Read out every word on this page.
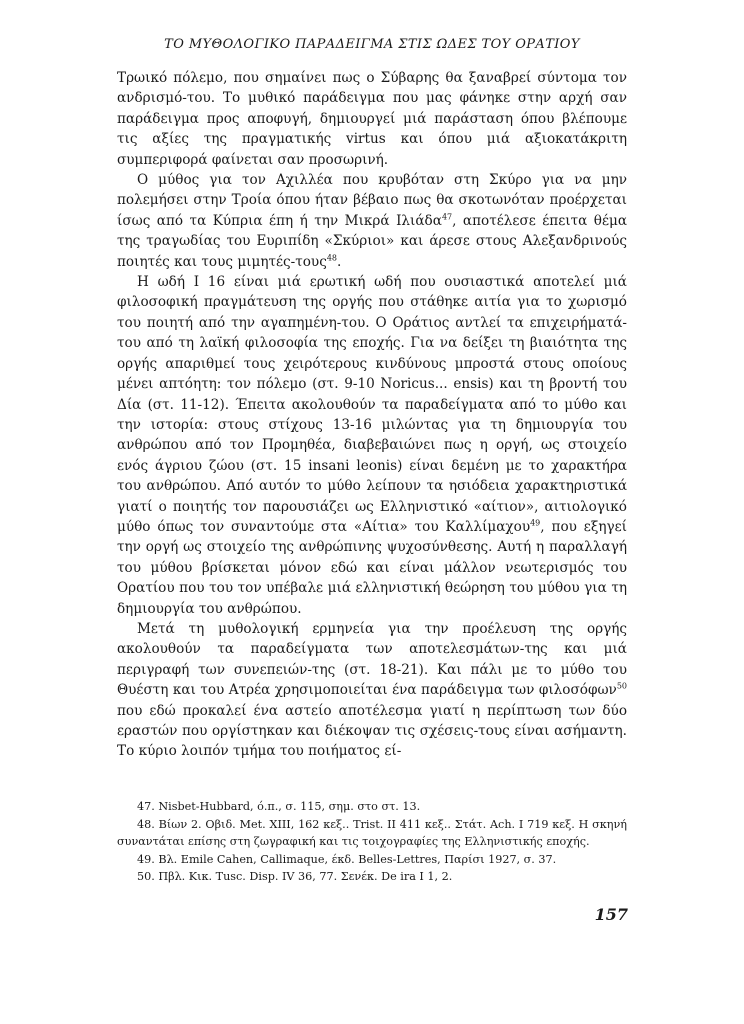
ΤΟ ΜΥΘΟΛΟΓΙΚΟ ΠΑΡΑΔΕΙΓΜΑ ΣΤΙΣ ΩΔΕΣ ΤΟΥ ΟΡΑΤΙΟΥ

Τρωικό πόλεμο, που σημαίνει πως ο Σύβαρης θα ξαναβρεί σύντομα τον ανδρισμό-του. Το μυθικό παράδειγμα που μας φάνηκε στην αρχή σαν παράδειγμα προς αποφυγή, δημιουργεί μιά παράσταση όπου βλέπουμε τις αξίες της πραγματικής virtus και όπου μιά αξιοκατάκριτη συμπεριφορά φαίνεται σαν προσωρινή.

Ο μύθος για τον Αχιλλέα που κρυβόταν στη Σκύρο για να μην πολεμήσει στην Τροία όπου ήταν βέβαιο πως θα σκοτωνόταν προέρχεται ίσως από τα Κύπρια έπη ή την Μικρά Ιλιάδα$^{47}$, αποτέλεσε έπειτα θέμα της τραγωδίας του Ευριπίδη «Σκύριοι» και άρεσε στους Αλεξανδρινούς ποιητές και τους μιμητές-τους$^{48}$.

Η ωδή I 16 είναι μιά ερωτική ωδή που ουσιαστικά αποτελεί μιά φιλοσοφική πραγμάτευση της οργής που στάθηκε αιτία για το χωρισμό του ποιητή από την αγαπημένη-του. Ο Οράτιος αντλεί τα επιχειρήματά-του από τη λαϊκή φιλοσοφία της εποχής. Για να δείξει τη βιαιότητα της οργής απαριθμεί τους χειρότερους κινδύνους μπροστά στους οποίους μένει απτόητη: τον πόλεμο (στ. 9-10 Noricus... ensis) και τη βροντή του Δία (στ. 11-12). Έπειτα ακολουθούν τα παραδείγματα από το μύθο και την ιστορία: στους στίχους 13-16 μιλώντας για τη δημιουργία του ανθρώπου από τον Προμηθέα, διαβεβαιώνει πως η οργή, ως στοιχείο ενός άγριου ζώου (στ. 15 insani leonis) είναι δεμένη με το χαρακτήρα του ανθρώπου. Από αυτόν το μύθο λείπουν τα ησιόδεια χαρακτηριστικά γιατί ο ποιητής τον παρουσιάζει ως Ελληνιστικό «αίτιον», αιτιολογικό μύθο όπως τον συναντούμε στα «Αίτια» του Καλλίμαχου$^{49}$, που εξηγεί την οργή ως στοιχείο της ανθρώπινης ψυχοσύνθεσης. Αυτή η παραλλαγή του μύθου βρίσκεται μόνον εδώ και είναι μάλλον νεωτερισμός του Ορατίου που του τον υπέβαλε μιά ελληνιστική θεώρηση του μύθου για τη δημιουργία του ανθρώπου.

Μετά τη μυθολογική ερμηνεία για την προέλευση της οργής ακολουθούν τα παραδείγματα των αποτελεσμάτων-της και μιά περιγραφή των συνεπειών-της (στ. 18-21). Και πάλι με το μύθο του Θυέστη και του Ατρέα χρησιμοποιείται ένα παράδειγμα των φιλοσόφων$^{50}$ που εδώ προκαλεί ένα αστείο αποτέλεσμα γιατί η περίπτωση των δύο εραστών που οργίστηκαν και διέκοψαν τις σχέσεις-τους είναι ασήμαντη. Το κύριο λοιπόν τμήμα του ποιήματος εί-

47. Nisbet-Hubbard, ό.π., σ. 115, σημ. στο στ. 13.
48. Βίων 2. Οβιδ. Met. XIII, 162 κεξ.. Trist. II 411 κεξ.. Στάτ. Ach. I 719 κεξ. Η σκηνή συναντάται επίσης στη ζωγραφική και τις τοιχογραφίες της Ελληνιστικής εποχής.
49. Βλ. Emile Cahen, Callimaque, έκδ. Belles-Lettres, Παρίσι 1927, σ. 37.
50. Πβλ. Κικ. Tusc. Disp. IV 36, 77. Σενέκ. De ira I 1, 2.
157
